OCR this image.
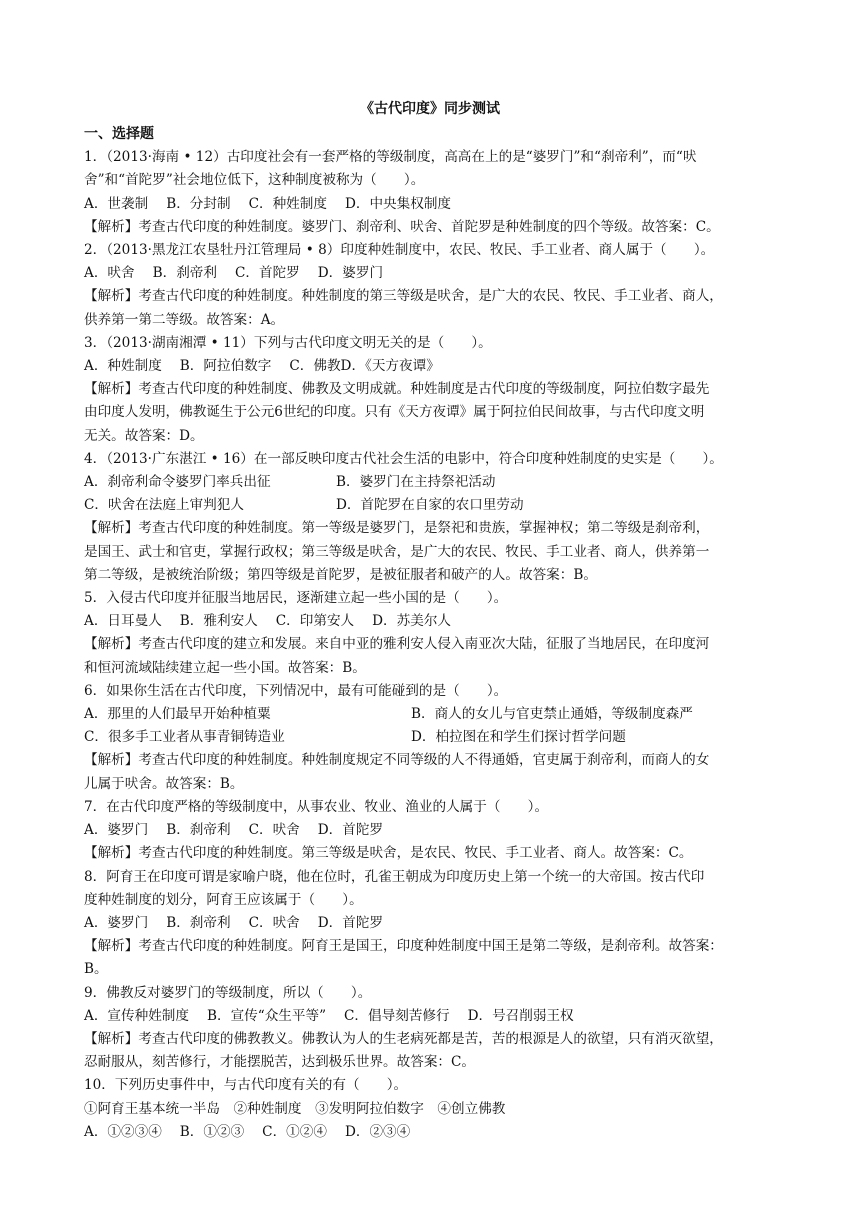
《古代印度》同步测试
一、选择题
1．（2013·海南 • 12）古印度社会有一套严格的等级制度，高高在上的是“婆罗门”和“刹帝利”，而“吠
舍”和“首陀罗”社会地位低下，这种制度被称为（　　）。
A．世袭制 B．分封制 C．种姓制度 D．中央集权制度
【解析】考查古代印度的种姓制度。婆罗门、刹帝利、吠舍、首陀罗是种姓制度的四个等级。故答案：C。
2．（2013·黑龙江农垦牡丹江管理局 • 8）印度种姓制度中，农民、牧民、手工业者、商人属于（　　）。
A．吠舍 B．刹帝利 C．首陀罗 D．婆罗门
【解析】考查古代印度的种姓制度。种姓制度的第三等级是吠舍，是广大的农民、牧民、手工业者、商人，
供养第一第二等级。故答案：A。
3．（2013·湖南湘潭 • 11）下列与古代印度文明无关的是（　　）。
A．种姓制度 B．阿拉伯数字 C．佛教D．《天方夜谭》
【解析】考查古代印度的种姓制度、佛教及文明成就。种姓制度是古代印度的等级制度，阿拉伯数字最先
由印度人发明，佛教诞生于公元6世纪的印度。只有《天方夜谭》属于阿拉伯民间故事，与古代印度文明
无关。故答案：D。
4．（2013·广东湛江 • 16）在一部反映印度古代社会生活的电影中，符合印度种姓制度的史实是（　　）。
A．刹帝利命令婆罗门率兵出征	B．婆罗门在主持祭祀活动
C．吠舍在法庭上审判犯人	D．首陀罗在自家的农口里劳动
【解析】考查古代印度的种姓制度。第一等级是婆罗门，是祭祀和贵族，掌握神权；第二等级是刹帝利，
是国王、武士和官吏，掌握行政权；第三等级是吠舍，是广大的农民、牧民、手工业者、商人，供养第一
第二等级，是被统治阶级；第四等级是首陀罗，是被征服者和破产的人。故答案：B。
5．入侵古代印度并征服当地居民，逐渐建立起一些小国的是（　　）。
A．日耳曼人 B．雅利安人 C．印第安人 D．苏美尔人
【解析】考查古代印度的建立和发展。来自中亚的雅利安人侵入南亚次大陆，征服了当地居民，在印度河
和恒河流域陆续建立起一些小国。故答案：B。
6．如果你生活在古代印度，下列情况中，最有可能碰到的是（　　）。
A．那里的人们最早开始种植粟	B．商人的女儿与官吏禁止通婚，等级制度森严
C．很多手工业者从事青铜铸造业	D．柏拉图在和学生们探讨哲学问题
【解析】考查古代印度的种姓制度。种姓制度规定不同等级的人不得通婚，官吏属于刹帝利，而商人的女
儿属于吠舍。故答案：B。
7．在古代印度严格的等级制度中，从事农业、牧业、渔业的人属于（　　）。
A．婆罗门 B．刹帝利 C．吠舍 D．首陀罗
【解析】考查古代印度的种姓制度。第三等级是吠舍，是农民、牧民、手工业者、商人。故答案：C。
8．阿育王在印度可谓是家喻户晓，他在位时，孔雀王朝成为印度历史上第一个统一的大帝国。按古代印
度种姓制度的划分，阿育王应该属于（　　）。
A．婆罗门 B．刹帝利 C．吠舍 D．首陀罗
【解析】考查古代印度的种姓制度。阿育王是国王，印度种姓制度中国王是第二等级，是刹帝利。故答案：
B。
9．佛教反对婆罗门的等级制度，所以（　　）。
A．宣传种姓制度 B．宣传“众生平等” C．倡导刻苦修行 D．号召削弱王权
【解析】考查古代印度的佛教教义。佛教认为人的生老病死都是苦，苦的根源是人的欲望，只有消灭欲望，
忍耐服从，刻苦修行，才能摆脱苦，达到极乐世界。故答案：C。
10．下列历史事件中，与古代印度有关的有（　　）。
①阿育王基本统一半岛　②种姓制度　③发明阿拉伯数字　④创立佛教
A．①②③④ B．①②③ C．①②④ D．②③④
